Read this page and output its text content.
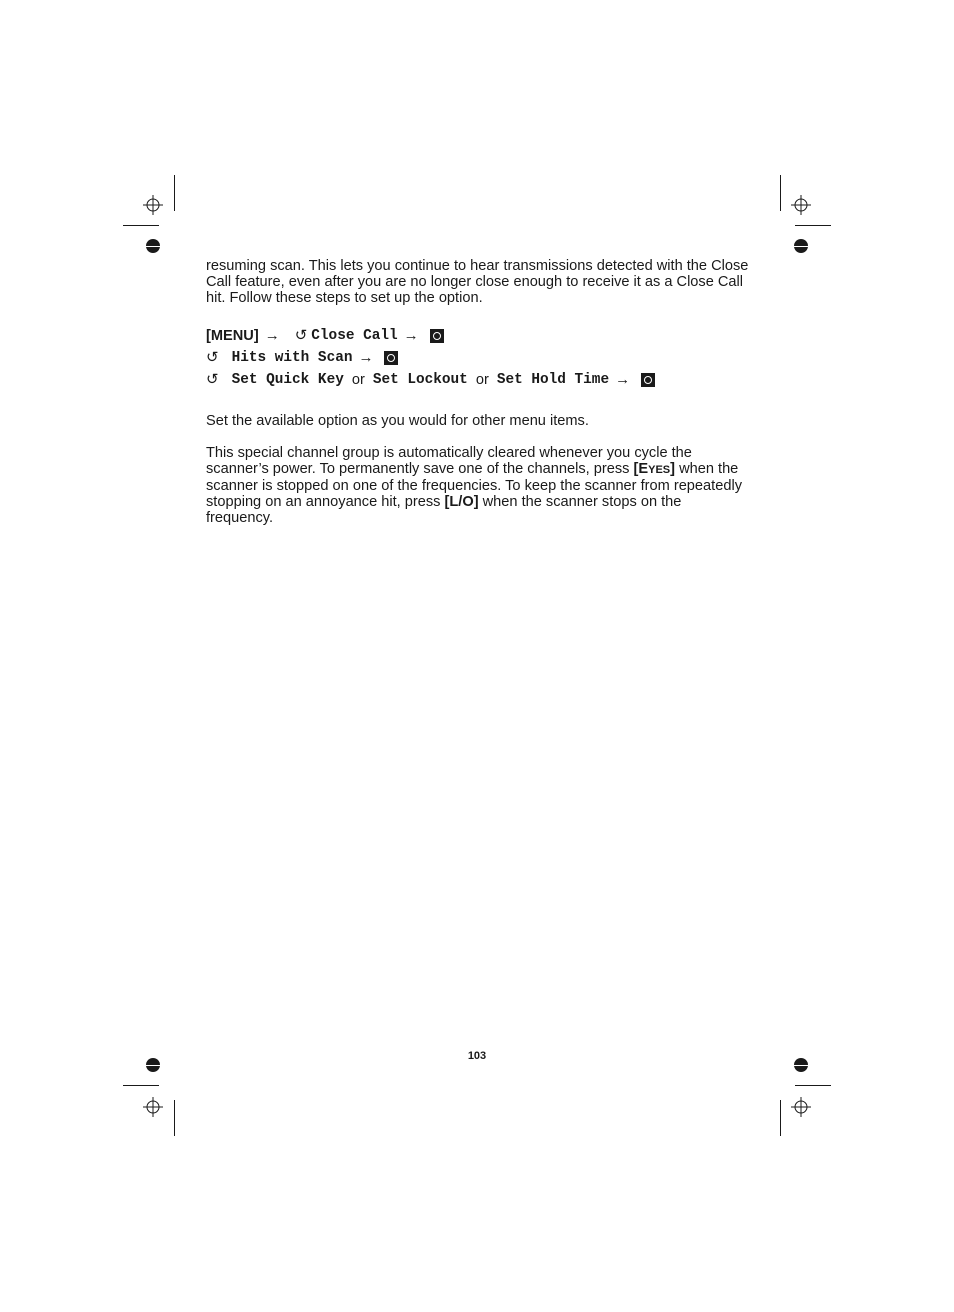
resuming scan. This lets you continue to hear transmissions detected with the Close Call feature, even after you are no longer close enough to receive it as a Close Call hit. Follow these steps to set up the option.

[MENU] → ↺ Close Call →
↺ Hits with Scan →
↺ Set Quick Key or Set Lockout or Set Hold Time →

Set the available option as you would for other menu items.

This special channel group is automatically cleared whenever you cycle the scanner’s power. To permanently save one of the channels, press [EYES] when the scanner is stopped on one of the frequencies. To keep the scanner from repeatedly stopping on an annoyance hit, press [L/O] when the scanner stops on the frequency.

103
